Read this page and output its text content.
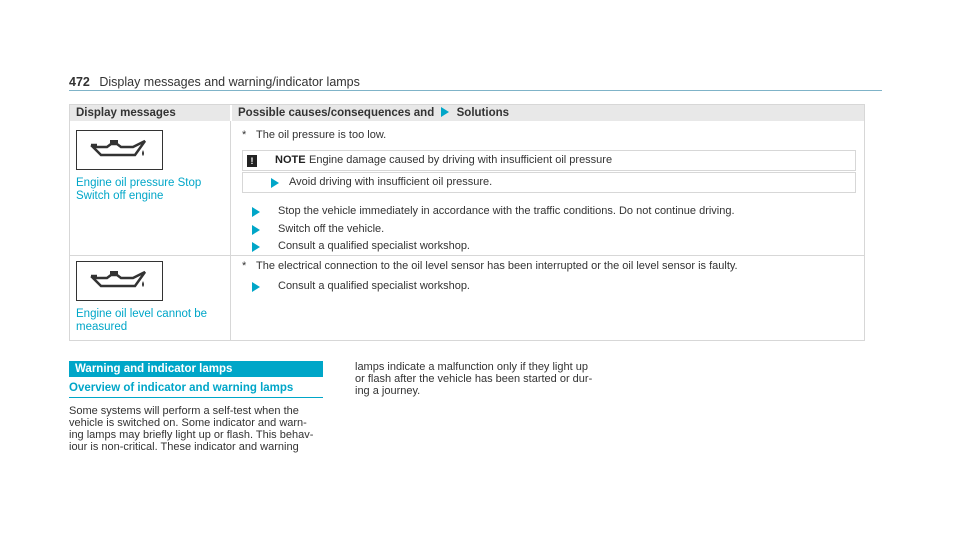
472 Display messages and warning/indicator lamps
Display messages	Possible causes/consequences and Solutions
Engine oil pressure Stop
Switch off engine
* The oil pressure is too low.
!	NOTE Engine damage caused by driving with insufficient oil pressure
Avoid driving with insufficient oil pressure.
Stop the vehicle immediately in accordance with the traffic conditions. Do not continue driving.
Switch off the vehicle.
Consult a qualified specialist workshop.
Engine oil level cannot be
measured
* The electrical connection to the oil level sensor has been interrupted or the oil level sensor is faulty.
Consult a qualified specialist workshop.
Warning and indicator lamps
Overview of indicator and warning lamps
Some systems will perform a self-test when the
vehicle is switched on. Some indicator and warn-
ing lamps may briefly light up or flash. This behav-
iour is non-critical. These indicator and warning
lamps indicate a malfunction only if they light up
or flash after the vehicle has been started or dur-
ing a journey.
